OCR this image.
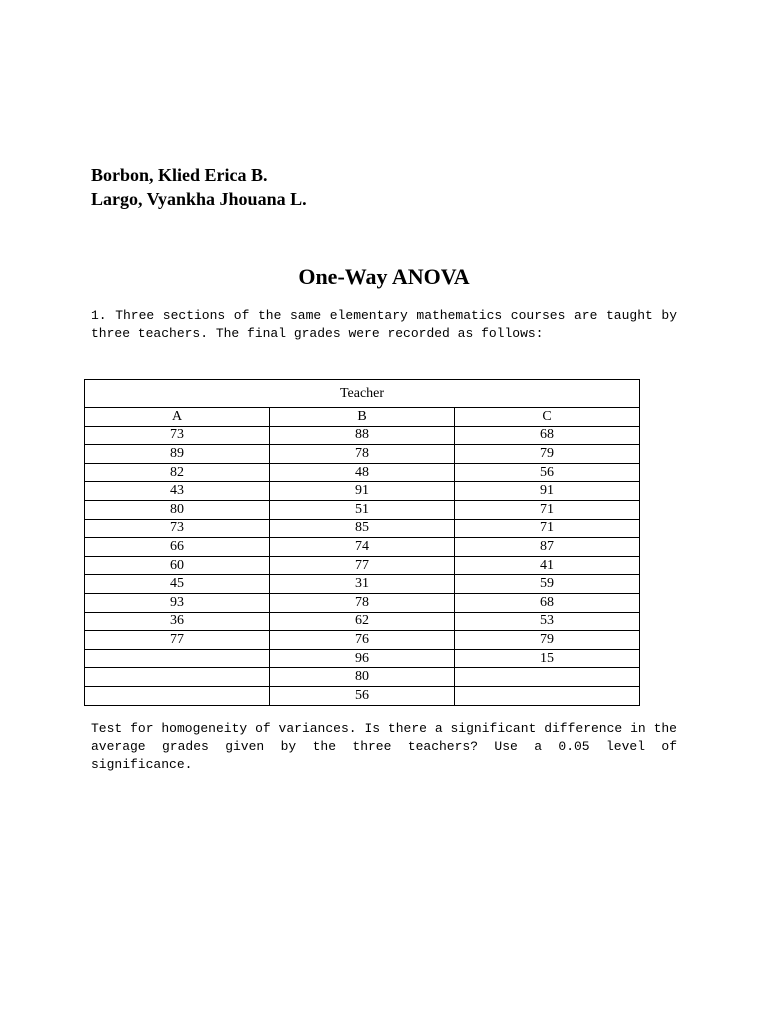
Borbon, Klied Erica B.
Largo, Vyankha Jhouana L.
One-Way ANOVA
1. Three sections of the same elementary mathematics courses are taught by three teachers. The final grades were recorded as follows:
Teacher		
A	B	C
73	88	68
89	78	79
82	48	56
43	91	91
80	51	71
73	85	71
66	74	87
60	77	41
45	31	59
93	78	68
36	62	53
77	76	79
	96	15
	80	
	56	
Test for homogeneity of variances. Is there a significant difference in the average grades given by the three teachers? Use a 0.05 level of significance.
